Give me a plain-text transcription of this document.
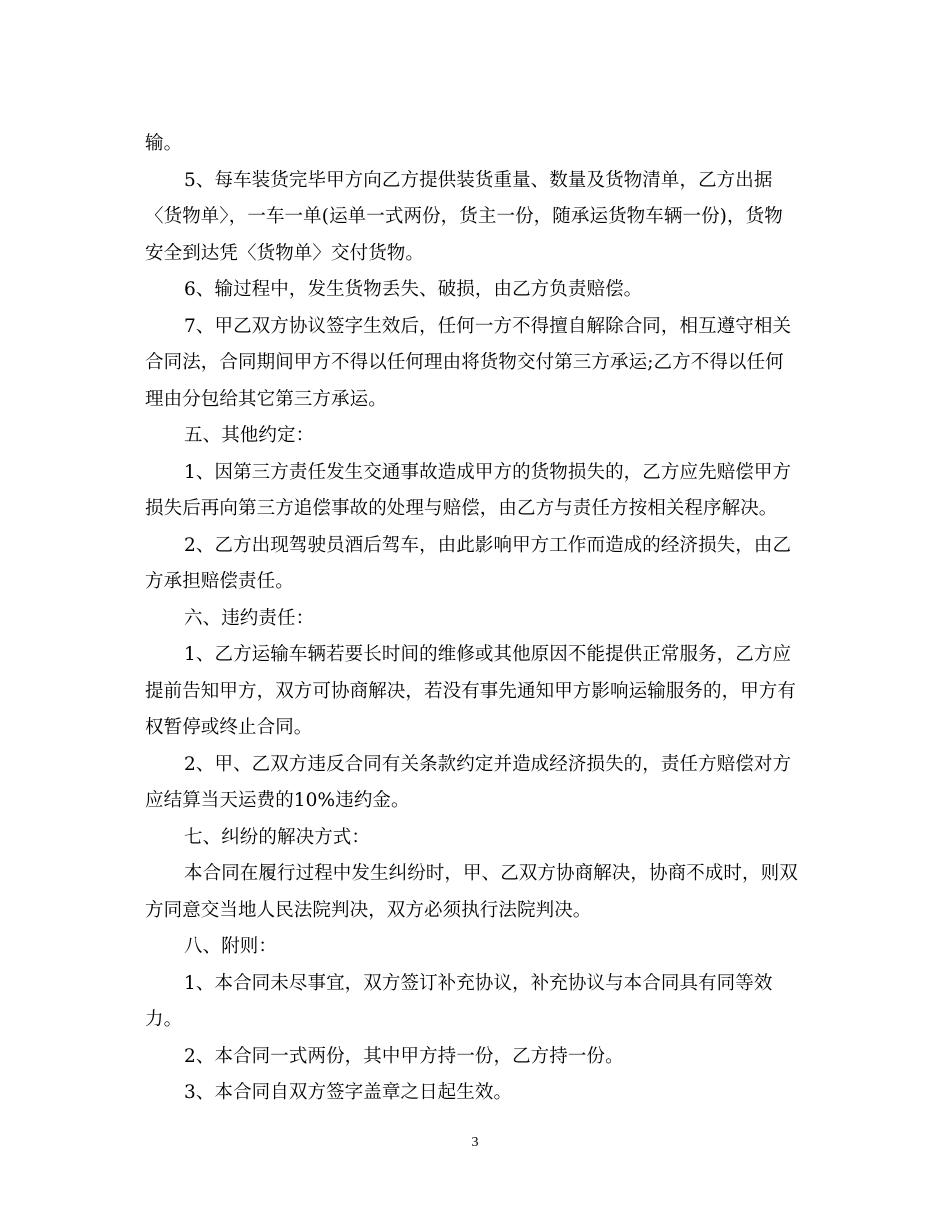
输。
5、每车装货完毕甲方向乙方提供装货重量、数量及货物清单，乙方出据
〈货物单〉，一车一单(运单一式两份，货主一份，随承运货物车辆一份)，货物
安全到达凭〈货物单〉交付货物。
6、输过程中，发生货物丢失、破损，由乙方负责赔偿。
7、甲乙双方协议签字生效后，任何一方不得擅自解除合同，相互遵守相关
合同法，合同期间甲方不得以任何理由将货物交付第三方承运;乙方不得以任何
理由分包给其它第三方承运。
五、其他约定：
1、因第三方责任发生交通事故造成甲方的货物损失的，乙方应先赔偿甲方
损失后再向第三方追偿事故的处理与赔偿，由乙方与责任方按相关程序解决。
2、乙方出现驾驶员酒后驾车，由此影响甲方工作而造成的经济损失，由乙
方承担赔偿责任。
六、违约责任：
1、乙方运输车辆若要长时间的维修或其他原因不能提供正常服务，乙方应
提前告知甲方，双方可协商解决，若没有事先通知甲方影响运输服务的，甲方有
权暂停或终止合同。
2、甲、乙双方违反合同有关条款约定并造成经济损失的，责任方赔偿对方
应结算当天运费的10%违约金。
七、纠纷的解决方式：
本合同在履行过程中发生纠纷时，甲、乙双方协商解决，协商不成时，则双
方同意交当地人民法院判决，双方必须执行法院判决。
八、附则：
1、本合同未尽事宜，双方签订补充协议，补充协议与本合同具有同等效
力。
2、本合同一式两份，其中甲方持一份，乙方持一份。
3、本合同自双方签字盖章之日起生效。
3
